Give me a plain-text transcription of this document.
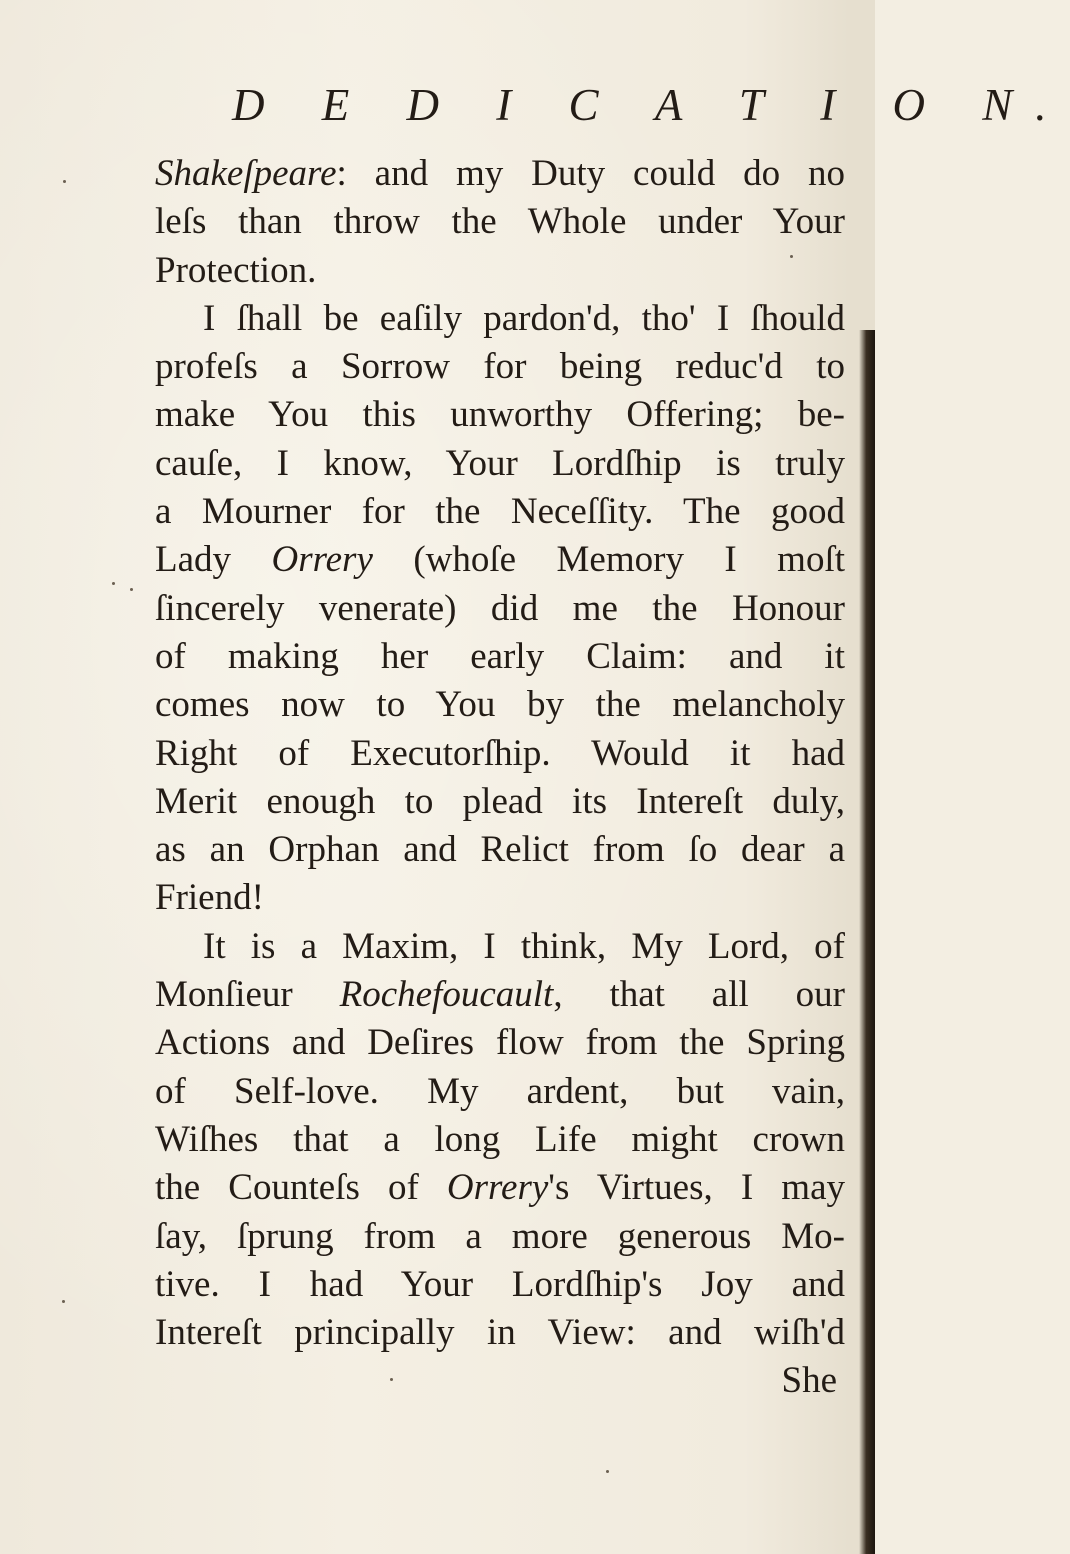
D E D I C A T I O N.
Shakeſpeare: and my Duty could do no
leſs than throw the Whole under Your
Protection.
I ſhall be eaſily pardon'd, tho' I ſhould
profeſs a Sorrow for being reduc'd to
make You this unworthy Offering; be-
cauſe, I know, Your Lordſhip is truly
a Mourner for the Neceſſity. The good
Lady Orrery (whoſe Memory I moſt
ſincerely venerate) did me the Honour
of making her early Claim: and it
comes now to You by the melancholy
Right of Executorſhip. Would it had
Merit enough to plead its Intereſt duly,
as an Orphan and Relict from ſo dear a
Friend!
It is a Maxim, I think, My Lord, of
Monſieur Rochefoucault, that all our
Actions and Deſires flow from the Spring
of Self-love. My ardent, but vain,
Wiſhes that a long Life might crown
the Counteſs of Orrery's Virtues, I may
ſay, ſprung from a more generous Mo-
tive. I had Your Lordſhip's Joy and
Intereſt principally in View: and wiſh'd
She
